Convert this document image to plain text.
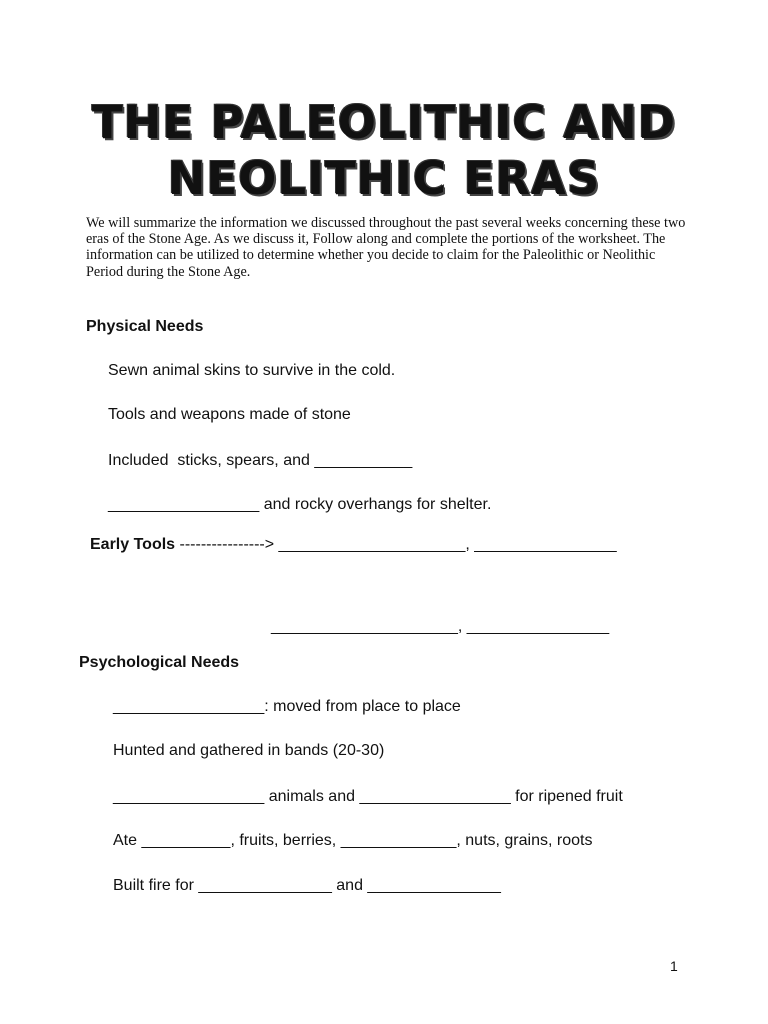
THE PALEOLITHIC AND
NEOLITHIC ERAS
We will summarize the information we discussed throughout the past several weeks concerning these two eras of the Stone Age. As we discuss it, Follow along and complete the portions of the worksheet. The information can be utilized to determine whether you decide to claim for the Paleolithic or Neolithic Period during the Stone Age.
Physical Needs
Sewn animal skins to survive in the cold.
Tools and weapons made of stone
Included  sticks, spears, and ___________
_________________ and rocky overhangs for shelter.
Early Tools ----------------> _____________________, ________________
_____________________, ________________
Psychological Needs
_________________: moved from place to place
Hunted and gathered in bands (20-30)
_________________ animals and _________________ for ripened fruit
Ate __________, fruits, berries, _____________, nuts, grains, roots
Built fire for _______________ and _______________
1
